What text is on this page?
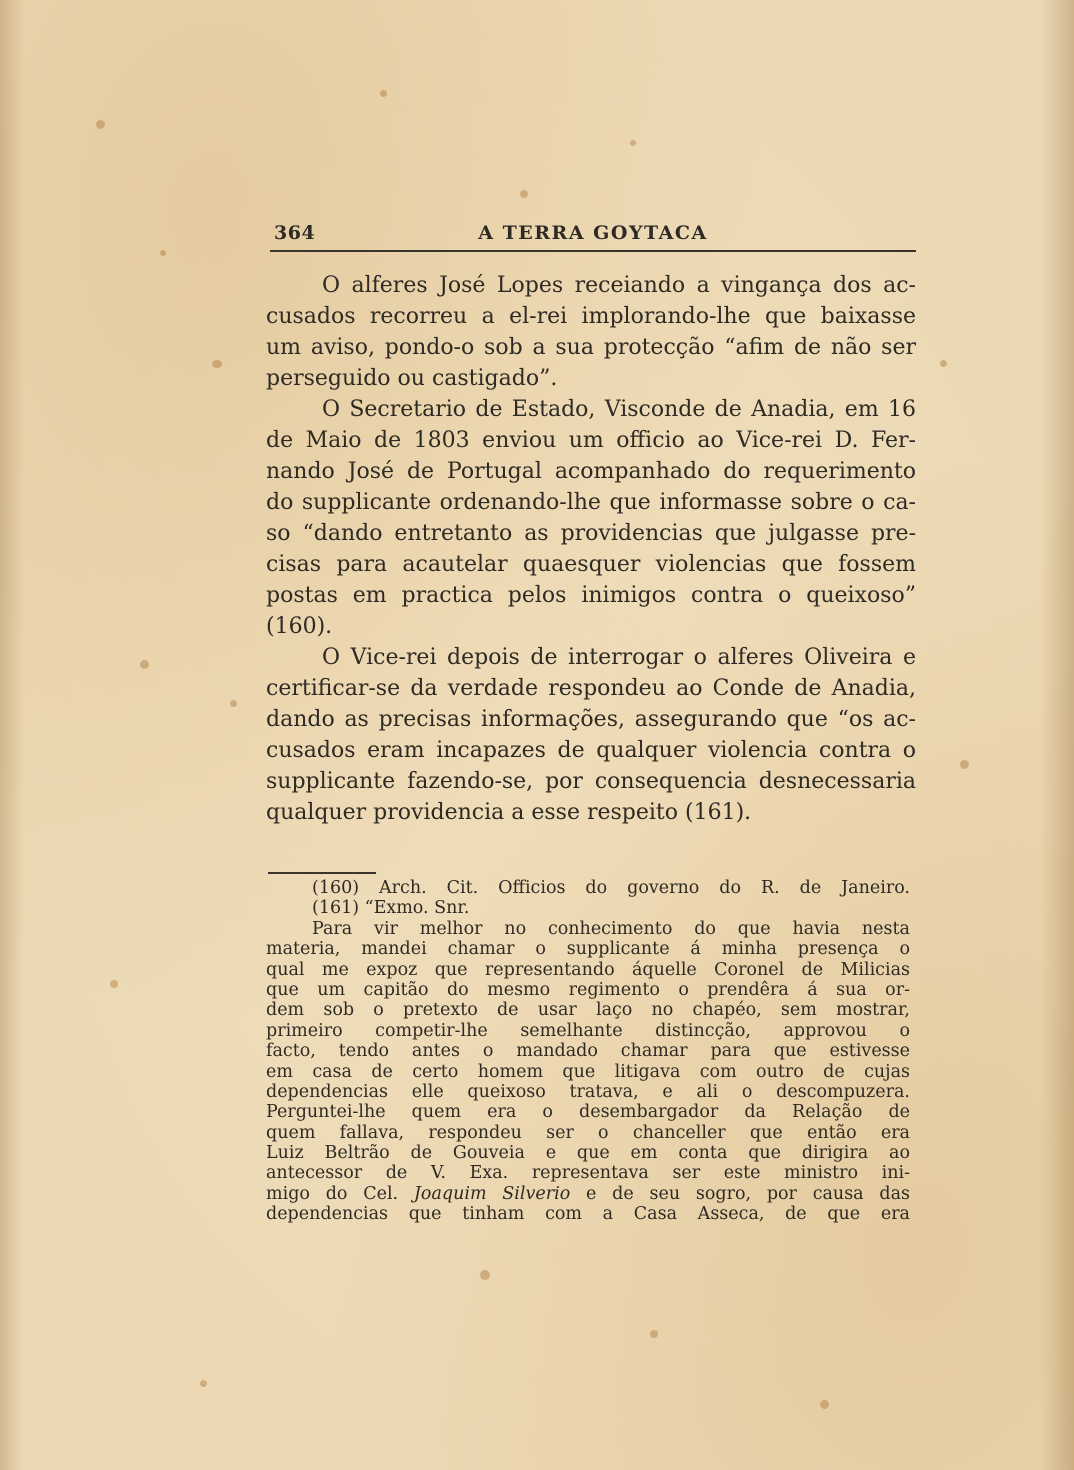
364	A TERRA GOYTACA
O alferes José Lopes receiando a vingança dos ac-
cusados recorreu a el-rei implorando-lhe que baixasse
um aviso, pondo-o sob a sua protecção “afim de não ser
perseguido ou castigado”.
O Secretario de Estado, Visconde de Anadia, em 16
de Maio de 1803 enviou um officio ao Vice-rei D. Fer-
nando José de Portugal acompanhado do requerimento
do supplicante ordenando-lhe que informasse sobre o ca-
so “dando entretanto as providencias que julgasse pre-
cisas para acautelar quaesquer violencias que fossem
postas em practica pelos inimigos contra o queixoso”
(160).
O Vice-rei depois de interrogar o alferes Oliveira e
certificar-se da verdade respondeu ao Conde de Anadia,
dando as precisas informações, assegurando que “os ac-
cusados eram incapazes de qualquer violencia contra o
supplicante fazendo-se, por consequencia desnecessaria
qualquer providencia a esse respeito (161).
(160) Arch. Cit. Officios do governo do R. de Janeiro.
(161) “Exmo. Snr.
Para vir melhor no conhecimento do que havia nesta
materia, mandei chamar o supplicante á minha presença o
qual me expoz que representando áquelle Coronel de Milicias
que um capitão do mesmo regimento o prendêra á sua or-
dem sob o pretexto de usar laço no chapéo, sem mostrar,
primeiro competir-lhe semelhante distincção, approvou o
facto, tendo antes o mandado chamar para que estivesse
em casa de certo homem que litigava com outro de cujas
dependencias elle queixoso tratava, e ali o descompuzera.
Perguntei-lhe quem era o desembargador da Relação de
quem fallava, respondeu ser o chanceller que então era
Luiz Beltrão de Gouveia e que em conta que dirigira ao
antecessor de V. Exa. representava ser este ministro ini-
migo do Cel. Joaquim Silverio e de seu sogro, por causa das
dependencias que tinham com a Casa Asseca, de que era
